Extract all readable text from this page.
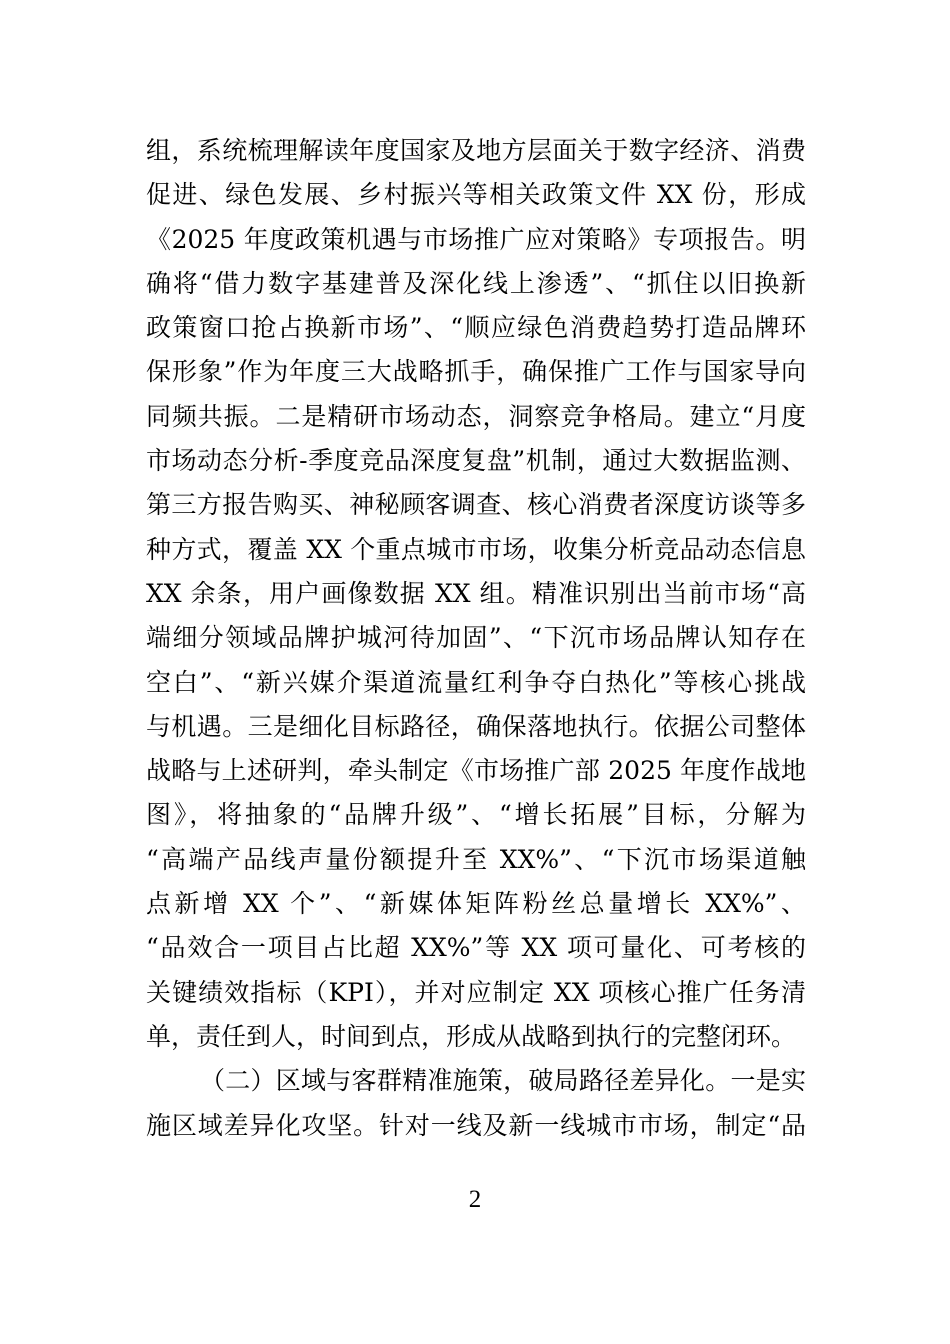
组，系统梳理解读年度国家及地方层面关于数字经济、消费
促进、绿色发展、乡村振兴等相关政策文件 XX 份，形成
《2025 年度政策机遇与市场推广应对策略》专项报告。明
确将“借力数字基建普及深化线上渗透”、“抓住以旧换新
政策窗口抢占换新市场”、“顺应绿色消费趋势打造品牌环
保形象”作为年度三大战略抓手，确保推广工作与国家导向
同频共振。二是精研市场动态，洞察竞争格局。建立“月度
市场动态分析-季度竞品深度复盘”机制，通过大数据监测、
第三方报告购买、神秘顾客调查、核心消费者深度访谈等多
种方式，覆盖 XX 个重点城市市场，收集分析竞品动态信息
XX 余条，用户画像数据 XX 组。精准识别出当前市场“高
端细分领域品牌护城河待加固”、“下沉市场品牌认知存在
空白”、“新兴媒介渠道流量红利争夺白热化”等核心挑战
与机遇。三是细化目标路径，确保落地执行。依据公司整体
战略与上述研判，牵头制定《市场推广部 2025 年度作战地
图》，将抽象的“品牌升级”、“增长拓展”目标，分解为
“高端产品线声量份额提升至 XX%”、“下沉市场渠道触
点新增 XX 个”、“新媒体矩阵粉丝总量增长 XX%”、
“品效合一项目占比超 XX%”等 XX 项可量化、可考核的
关键绩效指标（KPI），并对应制定 XX 项核心推广任务清
单，责任到人，时间到点，形成从战略到执行的完整闭环。
（二）区域与客群精准施策，破局路径差异化。一是实
施区域差异化攻坚。针对一线及新一线城市市场，制定“品
2
